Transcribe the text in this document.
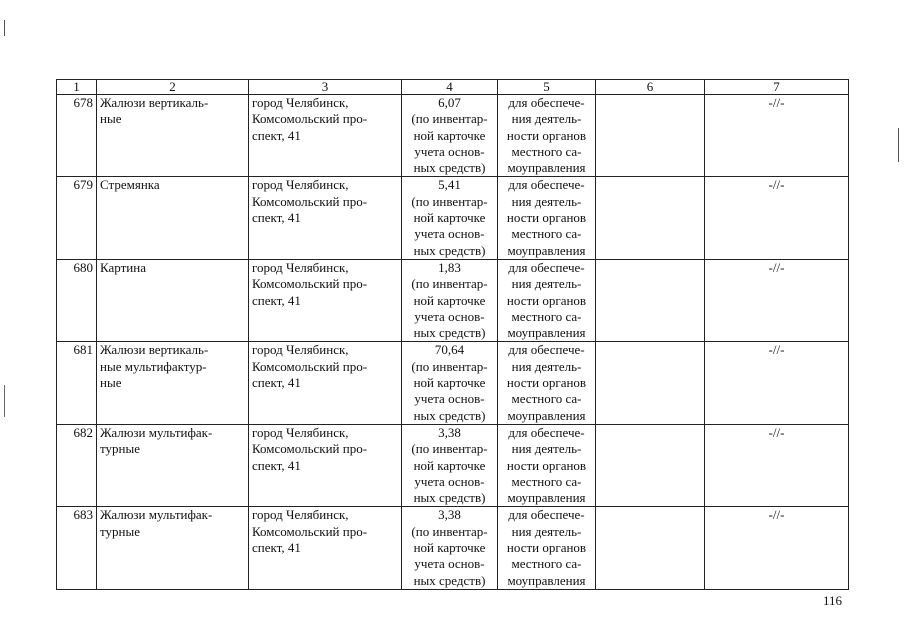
1	2	3	4	5	6	7
678	Жалюзи вертикаль-
ные	город Челябинск,
Комсомольский про-
спект, 41	6,07
(по инвентар-
ной карточке
учета основ-
ных средств)	для обеспече-
ния деятель-
ности органов
местного са-
моуправления		-//-
679	Стремянка	город Челябинск,
Комсомольский про-
спект, 41	5,41
(по инвентар-
ной карточке
учета основ-
ных средств)	для обеспече-
ния деятель-
ности органов
местного са-
моуправления		-//-
680	Картина	город Челябинск,
Комсомольский про-
спект, 41	1,83
(по инвентар-
ной карточке
учета основ-
ных средств)	для обеспече-
ния деятель-
ности органов
местного са-
моуправления		-//-
681	Жалюзи вертикаль-
ные мультифактур-
ные	город Челябинск,
Комсомольский про-
спект, 41	70,64
(по инвентар-
ной карточке
учета основ-
ных средств)	для обеспече-
ния деятель-
ности органов
местного са-
моуправления		-//-
682	Жалюзи мультифак-
турные	город Челябинск,
Комсомольский про-
спект, 41	3,38
(по инвентар-
ной карточке
учета основ-
ных средств)	для обеспече-
ния деятель-
ности органов
местного са-
моуправления		-//-
683	Жалюзи мультифак-
турные	город Челябинск,
Комсомольский про-
спект, 41	3,38
(по инвентар-
ной карточке
учета основ-
ных средств)	для обеспече-
ния деятель-
ности органов
местного са-
моуправления		-//-
116
